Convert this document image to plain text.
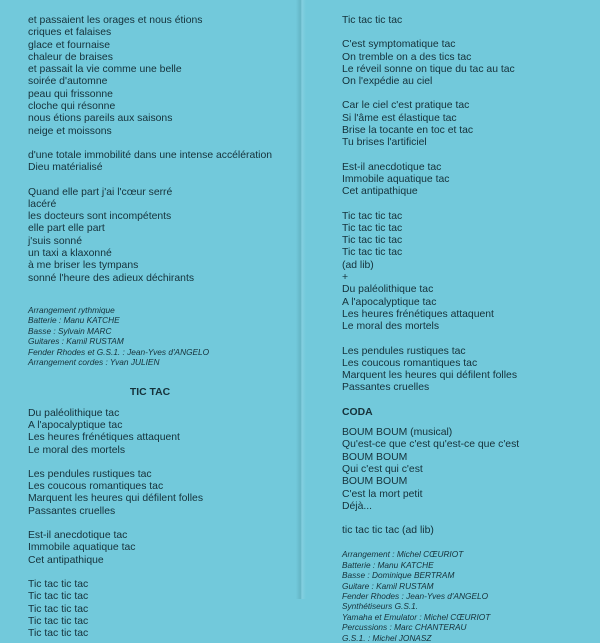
et passaient les orages et nous étions
criques et falaises
glace et fournaise
chaleur de braises
et passait la vie comme une belle
soirée d'automne
peau qui frissonne
cloche qui résonne
nous étions pareils aux saisons
neige et moissons
d'une totale immobilité dans une intense accélération
Dieu matérialisé
Quand elle part j'ai l'cœur serré
lacéré
les docteurs sont incompétents
elle part elle part
j'suis sonné
un taxi a klaxonné
à me briser les tympans
sonné l'heure des adieux déchirants
Arrangement rythmique
Batterie : Manu KATCHE
Basse : Sylvain MARC
Guitares : Kamil RUSTAM
Fender Rhodes et G.S.1. : Jean-Yves d'ANGELO
Arrangement cordes : Yvan JULIEN
TIC TAC
Du paléolithique tac
A l'apocalyptique tac
Les heures frénétiques attaquent
Le moral des mortels
Les pendules rustiques tac
Les coucous romantiques tac
Marquent les heures qui défilent folles
Passantes cruelles
Est-il anecdotique tac
Immobile aquatique tac
Cet antipathique
Tic tac tic tac
Tic tac tic tac
Tic tac tic tac
Tic tac tic tac
Tic tac tic tac
Tic tac tic tac
C'est symptomatique tac
On tremble on a des tics tac
Le réveil sonne on tique du tac au tac
On l'expédie au ciel
Car le ciel c'est pratique tac
Si l'âme est élastique tac
Brise la tocante en toc et tac
Tu brises l'artificiel
Est-il anecdotique tac
Immobile aquatique tac
Cet antipathique
Tic tac tic tac
Tic tac tic tac
Tic tac tic tac
Tic tac tic tac
(ad lib)
+
Du paléolithique tac
A l'apocalyptique tac
Les heures frénétiques attaquent
Le moral des mortels
Les pendules rustiques tac
Les coucous romantiques tac
Marquent les heures qui défilent folles
Passantes cruelles
CODA
BOUM BOUM (musical)
Qu'est-ce que c'est qu'est-ce que c'est
BOUM BOUM
Qui c'est qui c'est
BOUM BOUM
C'est la mort petit
Déjà...
tic tac tic tac (ad lib)
Arrangement : Michel CŒURIOT
Batterie : Manu KATCHE
Basse : Dominique BERTRAM
Guitare : Kamil RUSTAM
Fender Rhodes : Jean-Yves d'ANGELO
Synthétiseurs G.S.1.
Yamaha et Emulator : Michel CŒURIOT
Percussions : Marc CHANTERAU
G.S.1. : Michel JONASZ
